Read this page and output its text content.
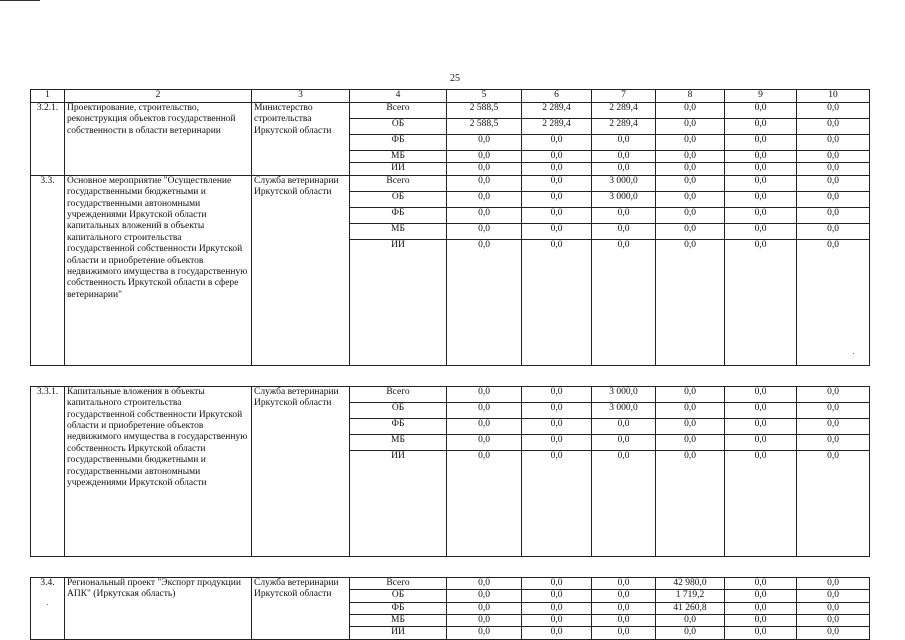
25
1	2	3	4	5	6	7	8	9	10
3.2.1.	Проектирование, строительство, реконструкция объектов государственной собственности в области ветеринарии	Министерство строительства Иркутской области	Всего	2 588,5	2 289,4	2 289,4	0,0	0,0	0,0
			ОБ	2 588,5	2 289,4	2 289,4	0,0	0,0	0,0
			ФБ	0,0	0,0	0,0	0,0	0,0	0,0
			МБ	0,0	0,0	0,0	0,0	0,0	0,0
			ИИ	0,0	0,0	0,0	0,0	0,0	0,0
3.3.	Основное мероприятие "Осуществление государственными бюджетными и государственными автономными учреждениями Иркутской области капитальных вложений в объекты капитального строительства государственной собственности Иркутской области и приобретение объектов недвижимого имущества в государственную собственность Иркутской области в сфере ветеринарии"	Служба ветеринарии Иркутской области	Всего	0,0	0,0	3 000,0	0,0	0,0	0,0
			ОБ	0,0	0,0	3 000,0	0,0	0,0	0,0
			ФБ	0,0	0,0	0,0	0,0	0,0	0,0
			МБ	0,0	0,0	0,0	0,0	0,0	0,0
			ИИ	0,0	0,0	0,0	0,0	0,0	0,0

3.3.1.	Капитальные вложения в объекты капитального строительства государственной собственности Иркутской области и приобретение объектов недвижимого имущества в государственную собственность Иркутской области государственными бюджетными и государственными автономными учреждениями Иркутской области	Служба ветеринарии Иркутской области	Всего	0,0	0,0	3 000,0	0,0	0,0	0,0
			ОБ	0,0	0,0	3 000,0	0,0	0,0	0,0
			ФБ	0,0	0,0	0,0	0,0	0,0	0,0
			МБ	0,0	0,0	0,0	0,0	0,0	0,0
			ИИ	0,0	0,0	0,0	0,0	0,0	0,0

3.4.	Региональный проект "Экспорт продукции АПК" (Иркутская область)	Служба ветеринарии Иркутской области	Всего	0,0	0,0	0,0	42 980,0	0,0	0,0
			ОБ	0,0	0,0	0,0	1 719,2	0,0	0,0
			ФБ	0,0	0,0	0,0	41 260,8	0,0	0,0
			МБ	0,0	0,0	0,0	0,0	0,0	0,0
			ИИ	0,0	0,0	0,0	0,0	0,0	0,0
